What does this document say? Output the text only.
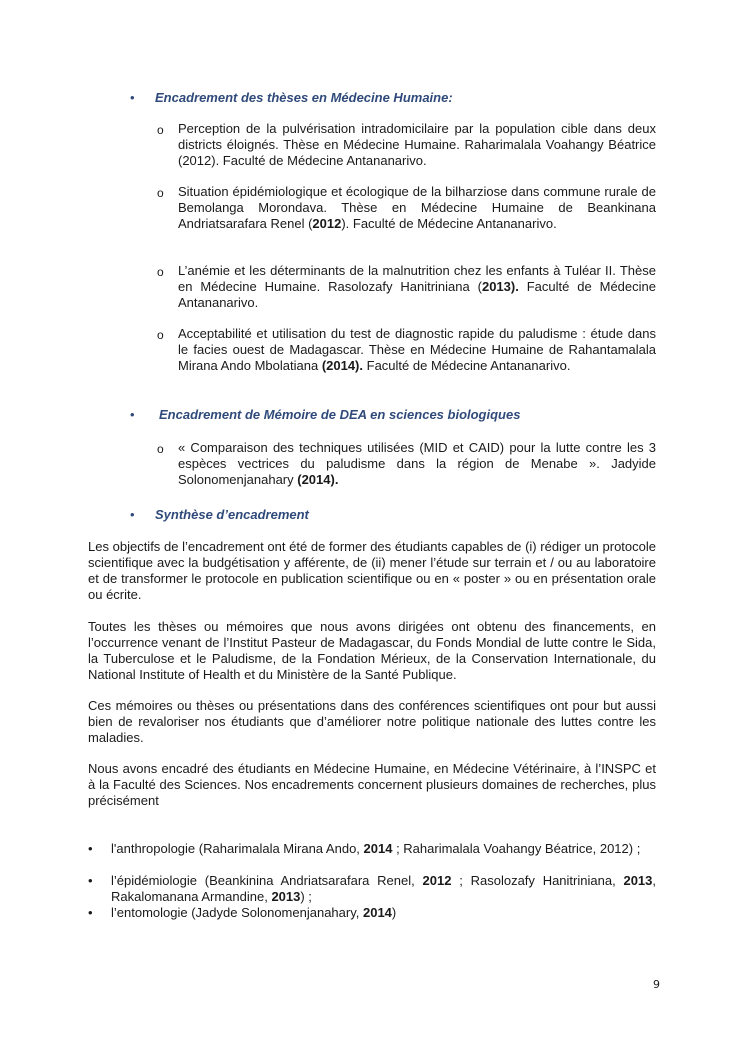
•	Encadrement des thèses en Médecine Humaine:
o Perception de la pulvérisation intradomicilaire par la population cible dans deux districts éloignés. Thèse en Médecine Humaine. Raharimalala Voahangy Béatrice (2012). Faculté de Médecine Antananarivo.
o Situation épidémiologique et écologique de la bilharziose dans commune rurale de Bemolanga Morondava. Thèse en Médecine Humaine de Beankinana Andriatsarafara Renel (2012). Faculté de Médecine Antananarivo.
o L’anémie et les déterminants de la malnutrition chez les enfants à Tuléar II. Thèse en Médecine Humaine. Rasolozafy Hanitriniana (2013). Faculté de Médecine Antananarivo.
o Acceptabilité et utilisation du test de diagnostic rapide du paludisme : étude dans le facies ouest de Madagascar. Thèse en Médecine Humaine de Rahantamalala Mirana Ando Mbolatiana (2014). Faculté de Médecine Antananarivo.
•	Encadrement de Mémoire de DEA en sciences biologiques
o « Comparaison des techniques utilisées (MID et CAID) pour la lutte contre les 3 espèces vectrices du paludisme dans la région de Menabe ». Jadyide Solonomenjanahary (2014).
•	Synthèse d’encadrement
Les objectifs de l’encadrement ont été de former des étudiants capables de (i) rédiger un protocole scientifique avec la budgétisation y afférente, de (ii) mener l’étude sur terrain et / ou au laboratoire et de transformer le protocole en publication scientifique ou en « poster » ou en présentation orale ou écrite.
Toutes les thèses ou mémoires que nous avons dirigées ont obtenu des financements, en l’occurrence venant de l’Institut Pasteur de Madagascar, du Fonds Mondial de lutte contre le Sida, la Tuberculose et le Paludisme, de la Fondation Mérieux, de la Conservation Internationale, du National Institute of Health et du Ministère de la Santé Publique.
Ces mémoires ou thèses ou présentations dans des conférences scientifiques ont pour but aussi bien de revaloriser nos étudiants que d’améliorer notre politique nationale des luttes contre les maladies.
Nous avons encadré des étudiants en Médecine Humaine, en Médecine Vétérinaire, à l’INSPC et à la Faculté des Sciences. Nos encadrements concernent plusieurs domaines de recherches, plus précisément
•	l'anthropologie (Raharimalala Mirana Ando, 2014 ; Raharimalala Voahangy Béatrice, 2012) ;
•	l’épidémiologie (Beankinina Andriatsarafara Renel, 2012 ; Rasolozafy Hanitriniana, 2013, Rakalomanana Armandine, 2013) ;
•	l’entomologie (Jadyde Solonomenjanahary, 2014)
9
